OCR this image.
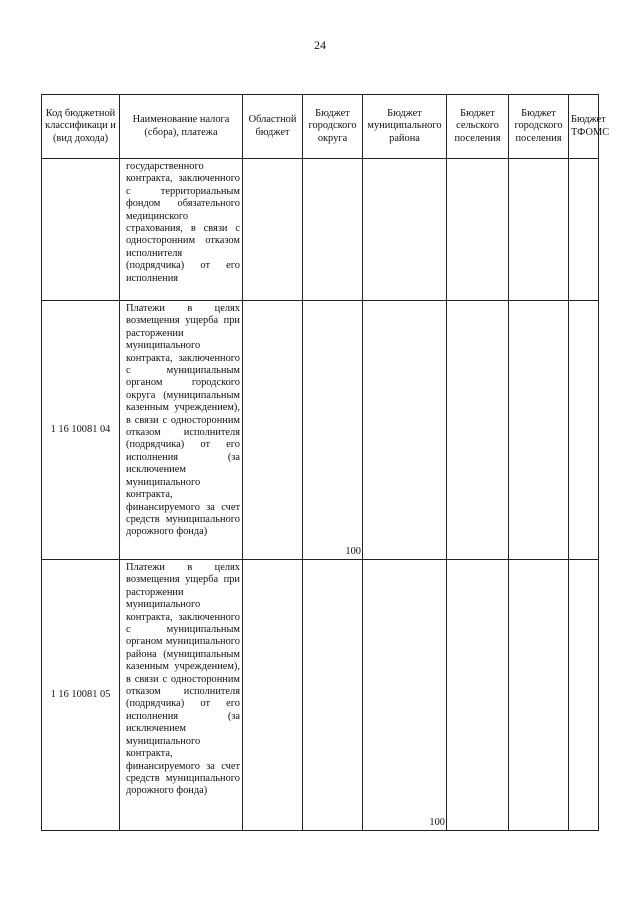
24
Код бюджетной классификаци и (вид дохода)	Наименование налога (сбора), платежа	Областной бюджет	Бюджет городского округа	Бюджет муниципального района	Бюджет сельского поселения	Бюджет городского поселения	Бюджет ТФОМС
	государственного контракта, заключенного с территориальным фондом обязательного медицинского страхования, в связи с односторонним отказом исполнителя (подрядчика) от его исполнения						
1 16 10081 04	Платежи в целях возмещения ущерба при расторжении муниципального контракта, заключенного с муниципальным органом городского округа (муниципальным казенным учреждением), в связи с односторонним отказом исполнителя (подрядчика) от его исполнения (за исключением муниципального контракта, финансируемого за счет средств муниципального дорожного фонда)		100				
1 16 10081 05	Платежи в целях возмещения ущерба при расторжении муниципального контракта, заключенного с муниципальным органом муниципального района (муниципальным казенным учреждением), в связи с односторонним отказом исполнителя (подрядчика) от его исполнения (за исключением муниципального контракта, финансируемого за счет средств муниципального дорожного фонда)			100			
